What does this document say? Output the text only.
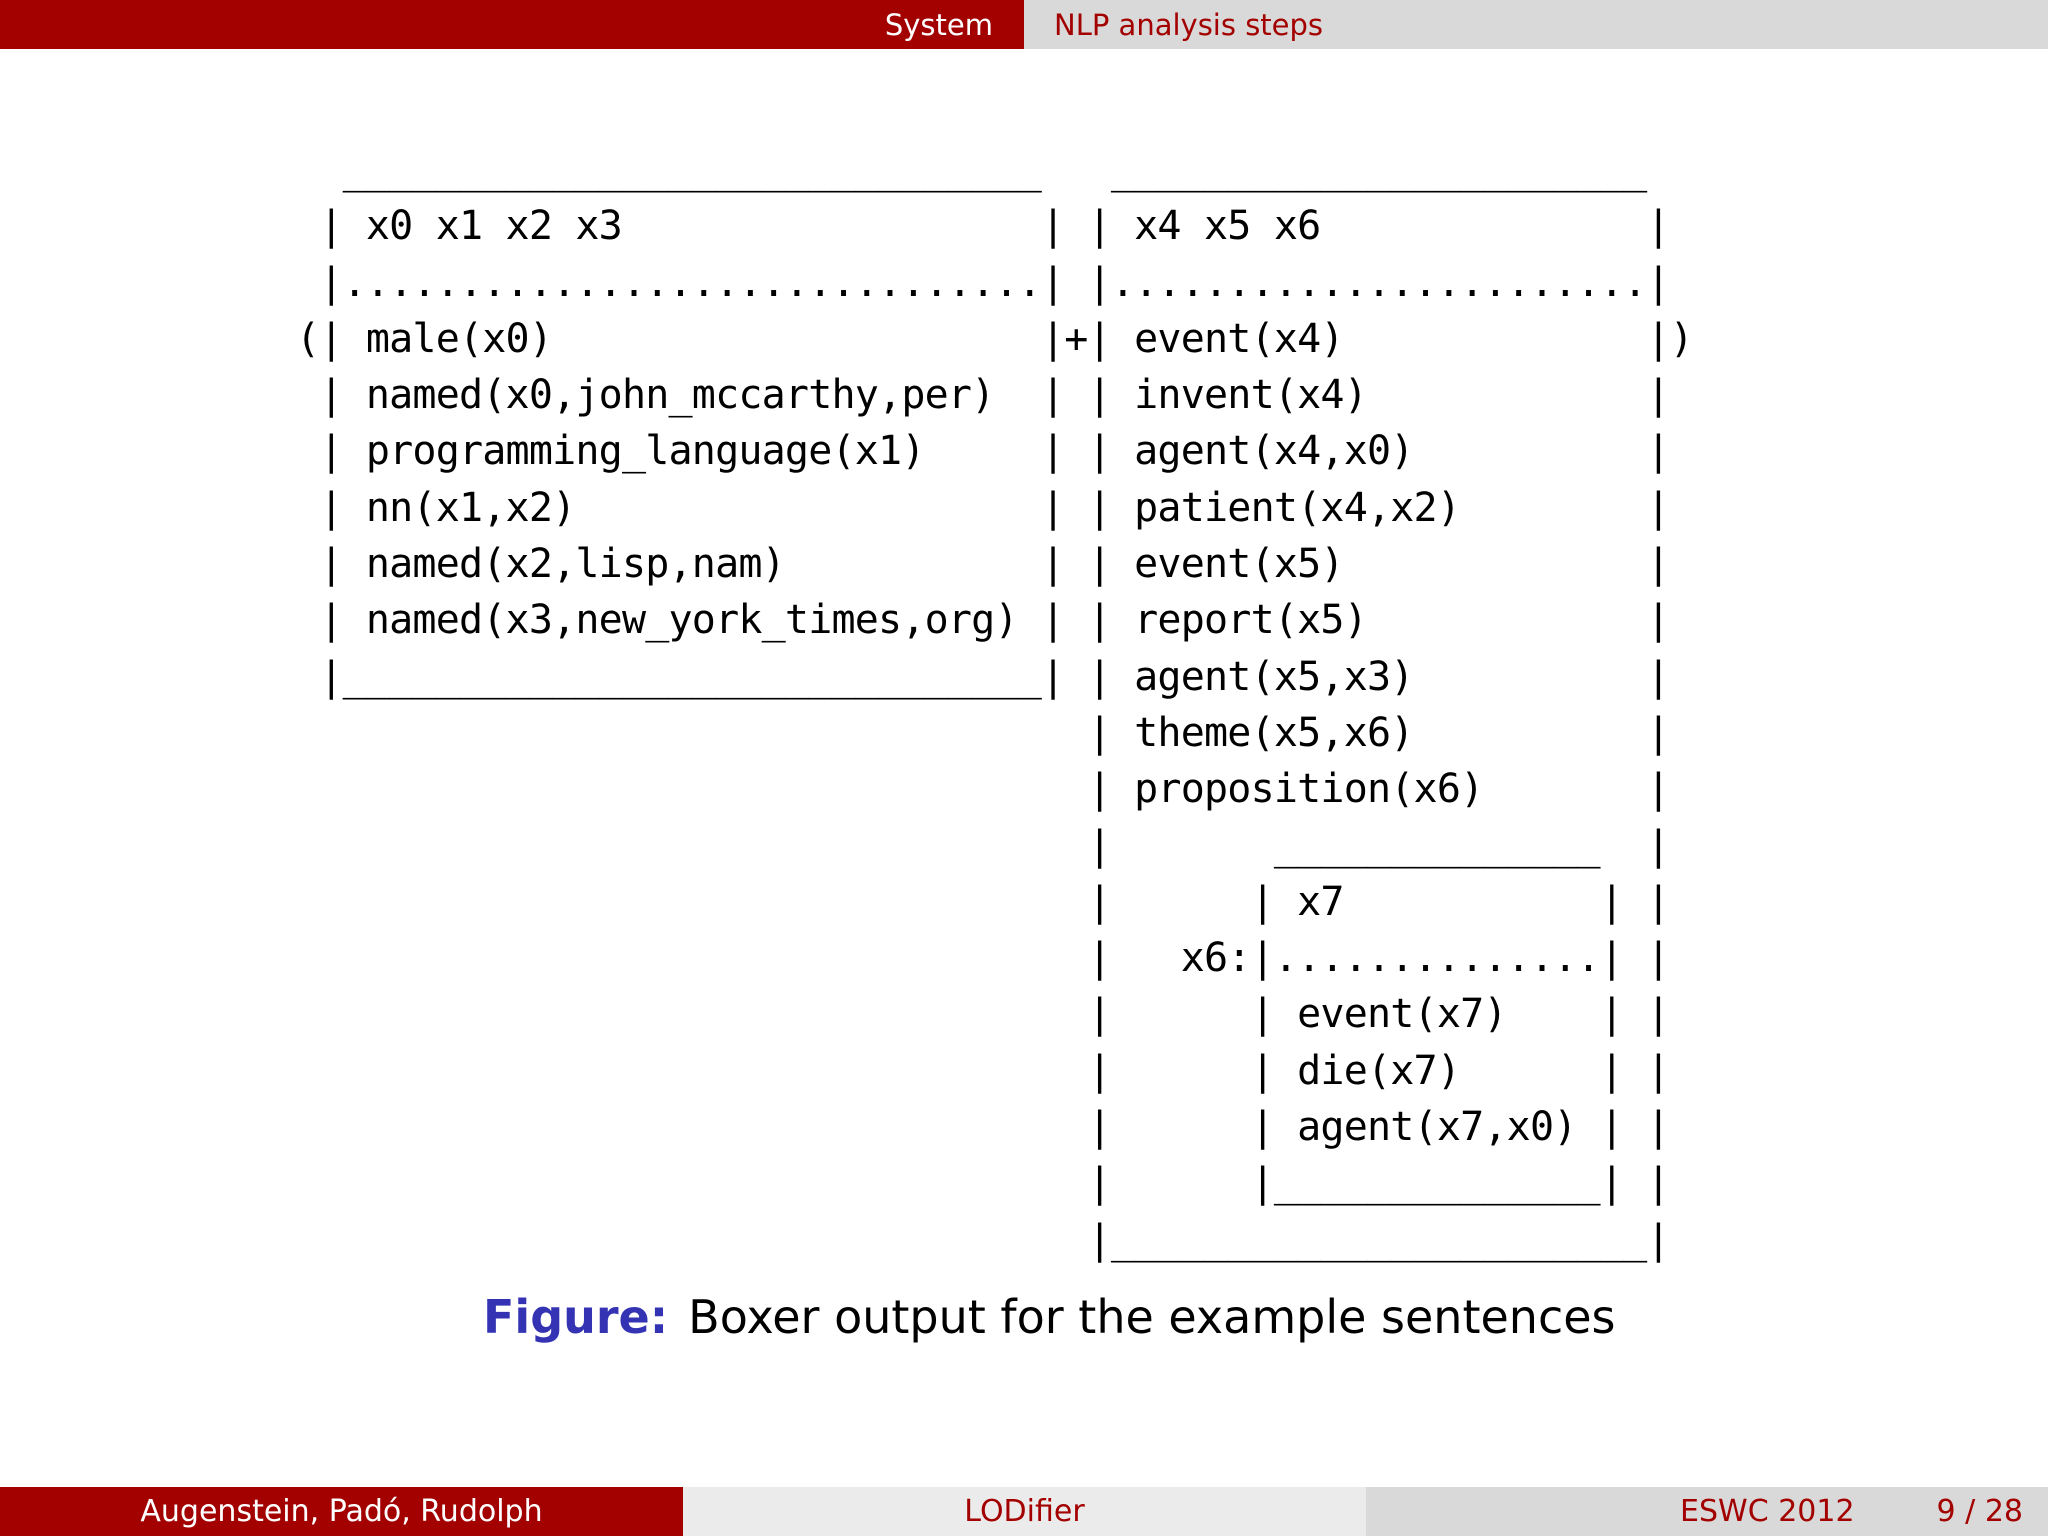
System	NLP analysis steps
______________________________   _______________________
| x0 x1 x2 x3                  | | x4 x5 x6              |
|..............................| |.......................|
(| male(x0)                     |+| event(x4)             |)
| named(x0,john_mccarthy,per)  | | invent(x4)            |
| programming_language(x1)     | | agent(x4,x0)          |
| nn(x1,x2)                    | | patient(x4,x2)        |
| named(x2,lisp,nam)           | | event(x5)             |
| named(x3,new_york_times,org) | | report(x5)            |
|______________________________| | agent(x5,x3)          |
| theme(x5,x6)          |
| proposition(x6)       |
|       ______________  |
|      | x7           | |
|   x6:|..............| |
|      | event(x7)    | |
|      | die(x7)      | |
|      | agent(x7,x0) | |
|      |______________| |
|_______________________|
Figure: Boxer output for the example sentences
Augenstein, Padó, Rudolph	LODifier	ESWC 2012	9 / 28
